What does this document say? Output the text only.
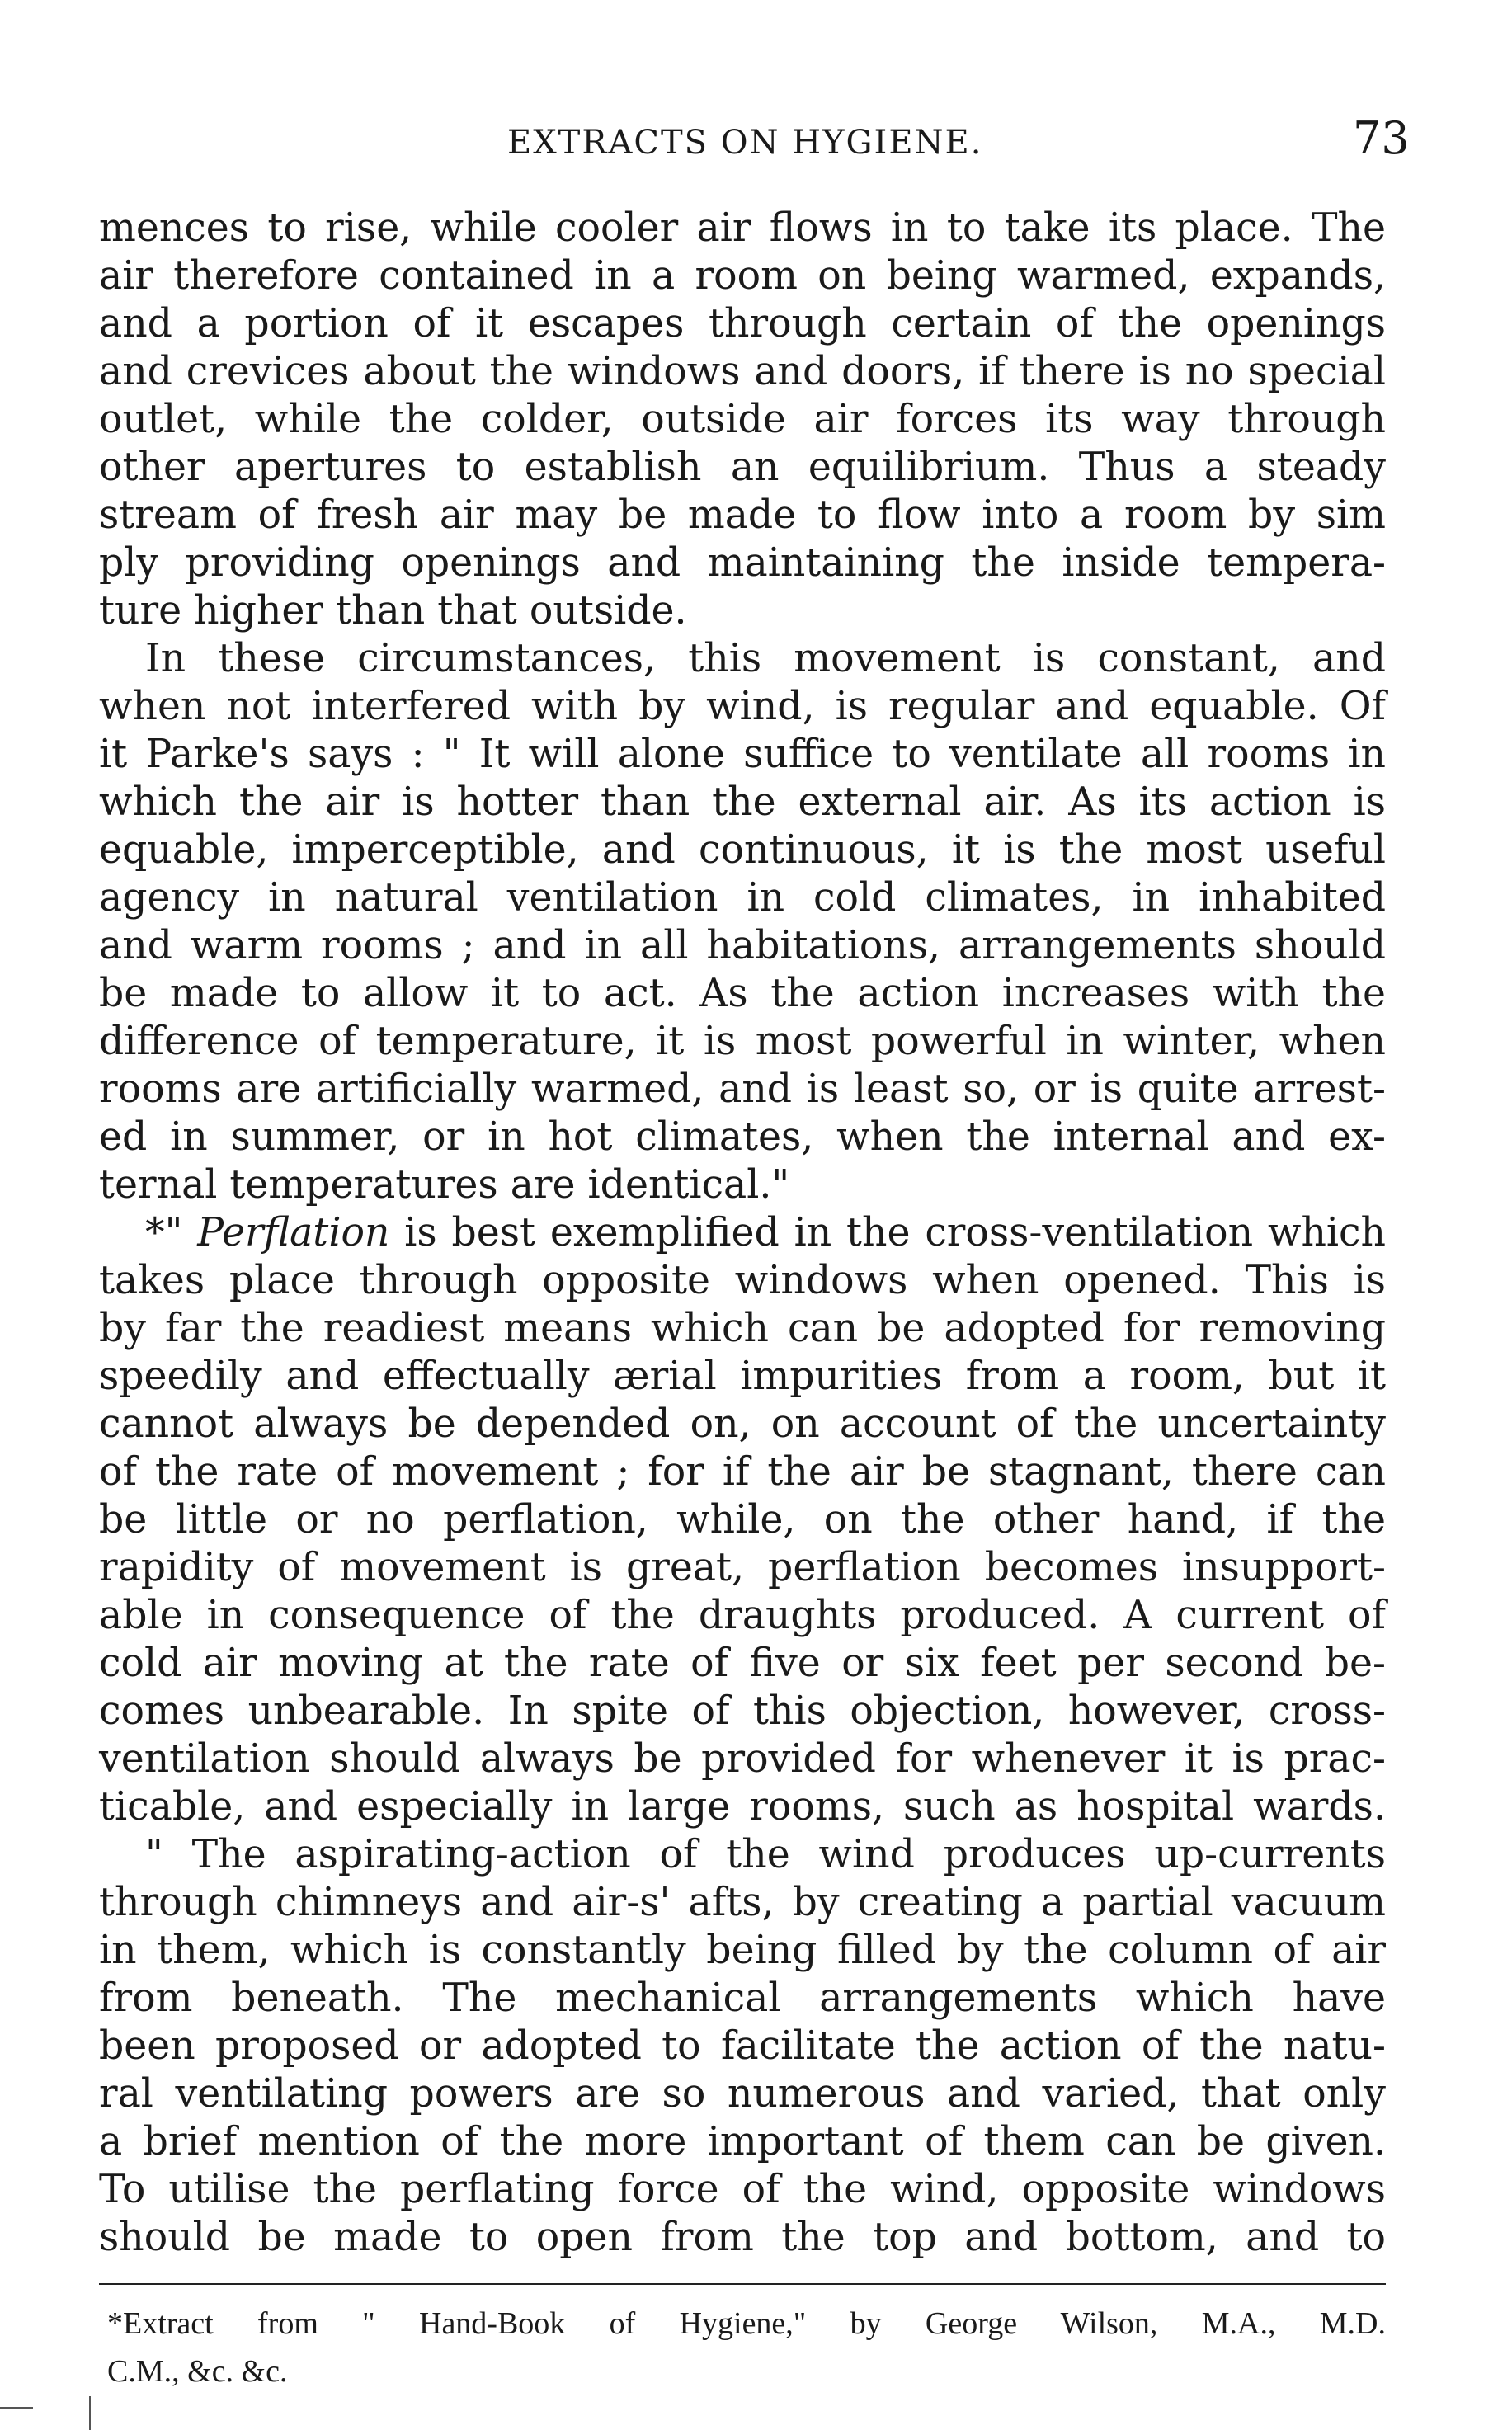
EXTRACTS ON HYGIENE.	73
mences to rise, while cooler air flows in to take its place. The
air therefore contained in a room on being warmed, expands,
and a portion of it escapes through certain of the openings
and crevices about the windows and doors, if there is no special
outlet, while the colder, outside air forces its way through
other apertures to establish an equilibrium. Thus a steady
stream of fresh air may be made to flow into a room by sim
ply providing openings and maintaining the inside tempera-
ture higher than that outside.
In these circumstances, this movement is constant, and
when not interfered with by wind, is regular and equable. Of
it Parke's says : " It will alone suffice to ventilate all rooms in
which the air is hotter than the external air. As its action is
equable, imperceptible, and continuous, it is the most useful
agency in natural ventilation in cold climates, in inhabited
and warm rooms ; and in all habitations, arrangements should
be made to allow it to act. As the action increases with the
difference of temperature, it is most powerful in winter, when
rooms are artificially warmed, and is least so, or is quite arrest-
ed in summer, or in hot climates, when the internal and ex-
ternal temperatures are identical."
*" Perflation is best exemplified in the cross-ventilation which
takes place through opposite windows when opened. This is
by far the readiest means which can be adopted for removing
speedily and effectually ærial impurities from a room, but it
cannot always be depended on, on account of the uncertainty
of the rate of movement ; for if the air be stagnant, there can
be little or no perflation, while, on the other hand, if the
rapidity of movement is great, perflation becomes insupport-
able in consequence of the draughts produced. A current of
cold air moving at the rate of five or six feet per second be-
comes unbearable. In spite of this objection, however, cross-
ventilation should always be provided for whenever it is prac-
ticable, and especially in large rooms, such as hospital wards.
" The aspirating-action of the wind produces up-currents
through chimneys and air-s' afts, by creating a partial vacuum
in them, which is constantly being filled by the column of air
from beneath. The mechanical arrangements which have
been proposed or adopted to facilitate the action of the natu-
ral ventilating powers are so numerous and varied, that only
a brief mention of the more important of them can be given.
To utilise the perflating force of the wind, opposite windows
should be made to open from the top and bottom, and to
*Extract from " Hand-Book of Hygiene," by George Wilson, M.A., M.D.
C.M., &c. &c.
